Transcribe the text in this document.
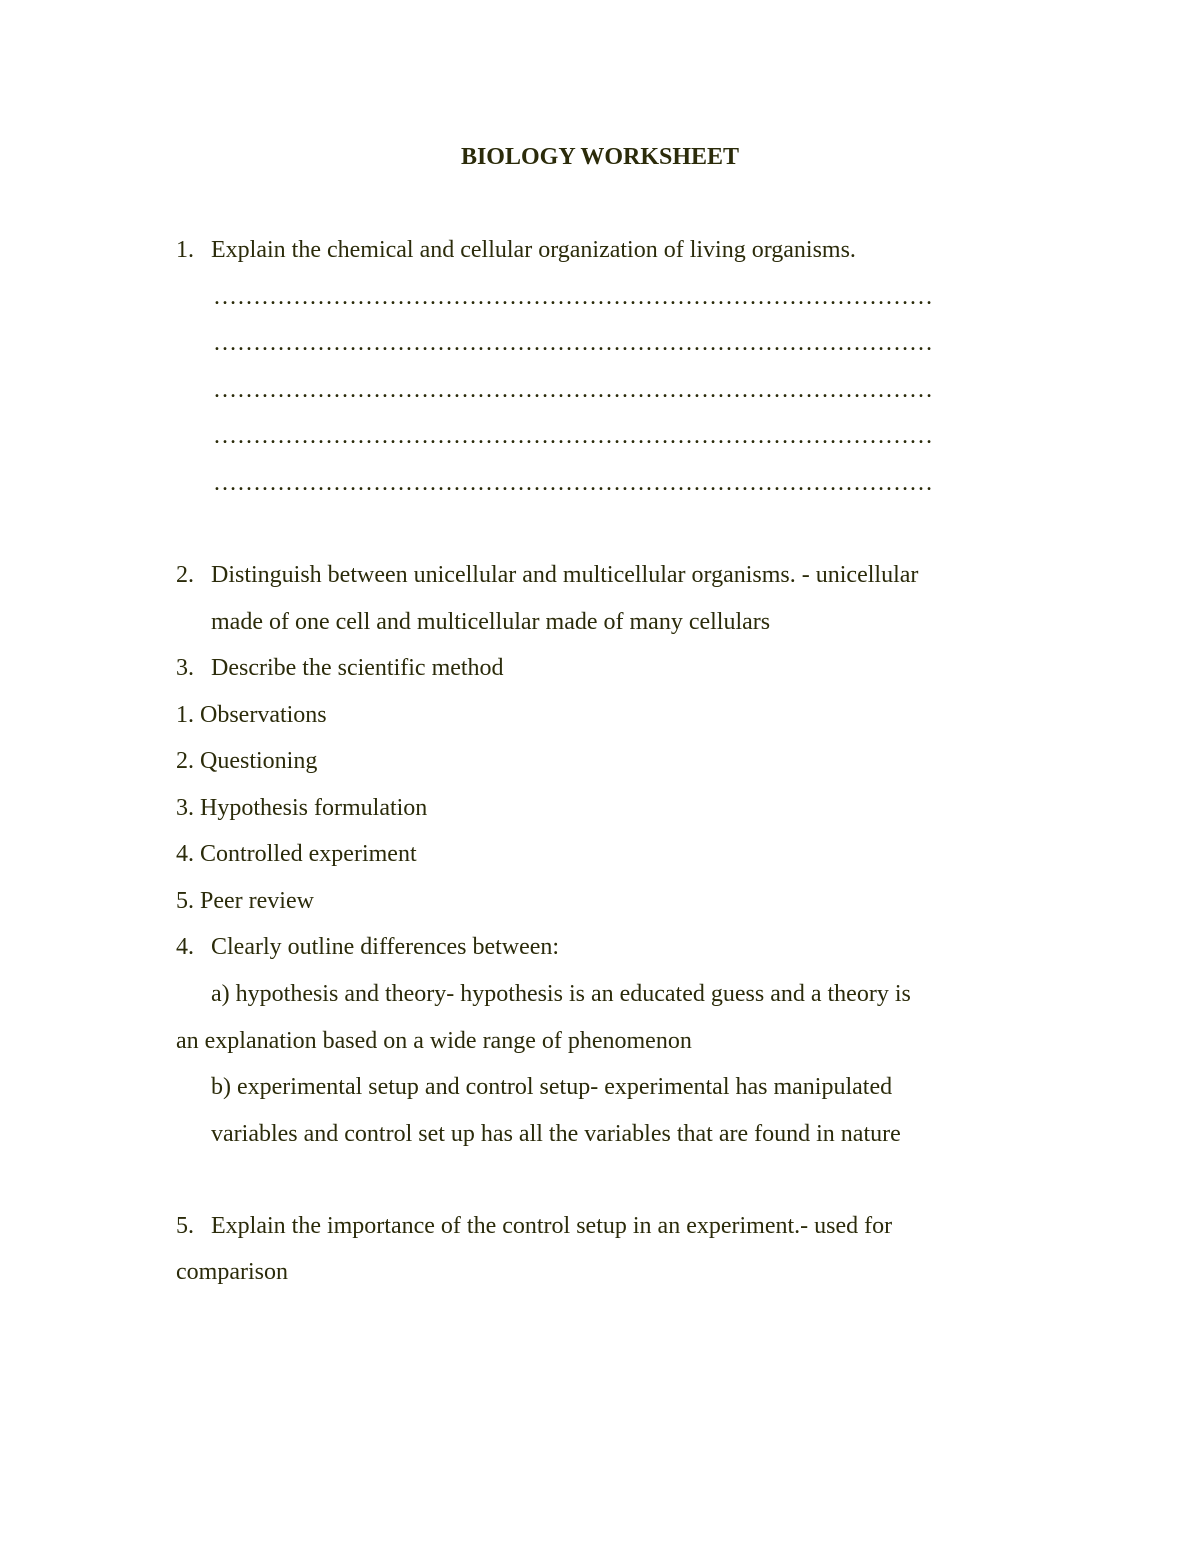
BIOLOGY WORKSHEET
1. Explain the chemical and cellular organization of living organisms.
………………………………………………………………………………
………………………………………………………………………………
………………………………………………………………………………
………………………………………………………………………………
………………………………………………………………………………
2. Distinguish between unicellular and multicellular organisms. - unicellular
made of one cell and multicellular made of many cellulars
3. Describe the scientific method
1. Observations
2. Questioning
3. Hypothesis formulation
4. Controlled experiment
5. Peer review
4. Clearly outline differences between:
a) hypothesis and theory- hypothesis is an educated guess and a theory is
an explanation based on a wide range of phenomenon
b) experimental setup and control setup- experimental has manipulated
variables and control set up has all the variables that are found in nature
5. Explain the importance of the control setup in an experiment.- used for
comparison
